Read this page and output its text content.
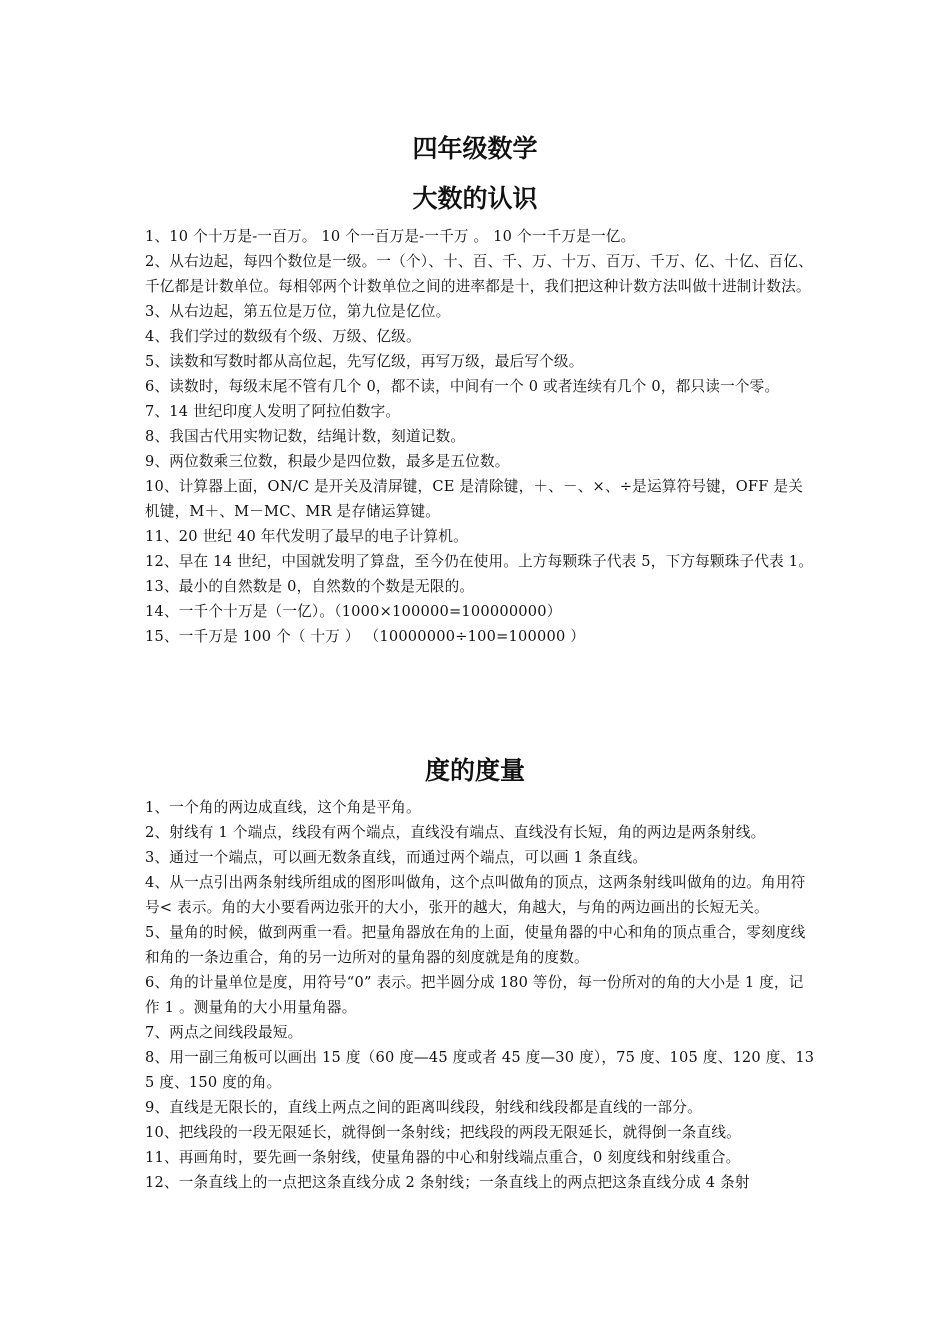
四年级数学
大数的认识
1、10 个十万是-一百万。 10 个一百万是-一千万 。 10 个一千万是一亿。
2、从右边起，每四个数位是一级。一（个）、十、百、千、万、十万、百万、千万、亿、十亿、百亿、千亿都是计数单位。每相邻两个计数单位之间的进率都是十，我们把这种计数方法叫做十进制计数法。
3、从右边起，第五位是万位，第九位是亿位。
4、我们学过的数级有个级、万级、亿级。
5、读数和写数时都从高位起，先写亿级，再写万级，最后写个级。
6、读数时，每级末尾不管有几个 0，都不读，中间有一个 0 或者连续有几个 0，都只读一个零。
7、14 世纪印度人发明了阿拉伯数字。
8、我国古代用实物记数，结绳计数，刻道记数。
9、两位数乘三位数，积最少是四位数，最多是五位数。
10、计算器上面，ON/C 是开关及清屏键，CE 是清除键，＋、－、×、÷是运算符号键，OFF 是关机键，M＋、M－MC、MR 是存储运算键。
11、20 世纪 40 年代发明了最早的电子计算机。
12、早在 14 世纪，中国就发明了算盘，至今仍在使用。上方每颗珠子代表 5，下方每颗珠子代表 1。
13、最小的自然数是 0，自然数的个数是无限的。
14、一千个十万是（一亿）。（1000×100000=100000000）
15、一千万是 100 个（ 十万 ） （10000000÷100=100000 ）
度的度量
1、一个角的两边成直线，这个角是平角。
2、射线有 1 个端点，线段有两个端点，直线没有端点、直线没有长短，角的两边是两条射线。
3、通过一个端点，可以画无数条直线，而通过两个端点，可以画 1 条直线。
4、从一点引出两条射线所组成的图形叫做角，这个点叫做角的顶点，这两条射线叫做角的边。角用符号< 表示。角的大小要看两边张开的大小，张开的越大，角越大，与角的两边画出的长短无关。
5、量角的时候，做到两重一看。把量角器放在角的上面，使量角器的中心和角的顶点重合，零刻度线和角的一条边重合，角的另一边所对的量角器的刻度就是角的度数。
6、角的计量单位是度，用符号“0” 表示。把半圆分成 180 等份，每一份所对的角的大小是 1 度，记作 1 。测量角的大小用量角器。
7、两点之间线段最短。
8、用一副三角板可以画出 15 度（60 度—45 度或者 45 度—30 度），75 度、105 度、120 度、135 度、150 度的角。
9、直线是无限长的，直线上两点之间的距离叫线段，射线和线段都是直线的一部分。
10、把线段的一段无限延长，就得倒一条射线；把线段的两段无限延长，就得倒一条直线。
11、再画角时，要先画一条射线，使量角器的中心和射线端点重合，0 刻度线和射线重合。
12、一条直线上的一点把这条直线分成 2 条射线；一条直线上的两点把这条直线分成 4 条射
